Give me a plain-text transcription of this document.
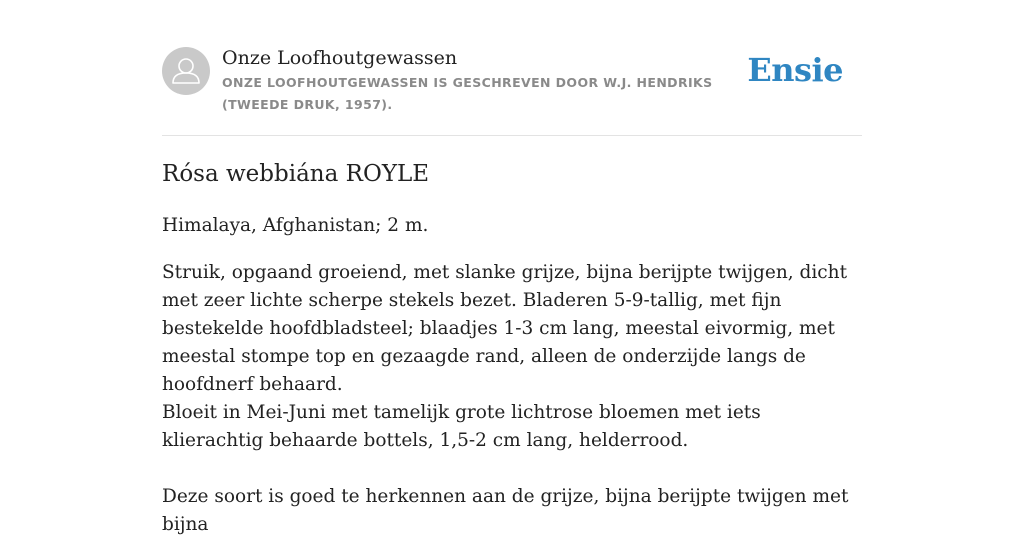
Onze Loofhoutgewassen
ONZE LOOFHOUTGEWASSEN IS GESCHREVEN DOOR W.J. HENDRIKS (TWEEDE DRUK, 1957).
Ensie
Rósa webbiána ROYLE

Himalaya, Afghanistan; 2 m.

Struik, opgaand groeiend, met slanke grijze, bijna berijpte twijgen, dicht met zeer lichte scherpe stekels bezet. Bladeren 5-9-tallig, met fijn bestekelde hoofdbladsteel; blaadjes 1-3 cm lang, meestal eivormig, met meestal stompe top en gezaagde rand, alleen de onderzijde langs de hoofdnerf behaard.

Bloeit in Mei-Juni met tamelijk grote lichtrose bloemen met iets klierachtig behaarde bottels, 1,5-2 cm lang, helderrood.

Deze soort is goed te herkennen aan de grijze, bijna berijpte twijgen met bijna
